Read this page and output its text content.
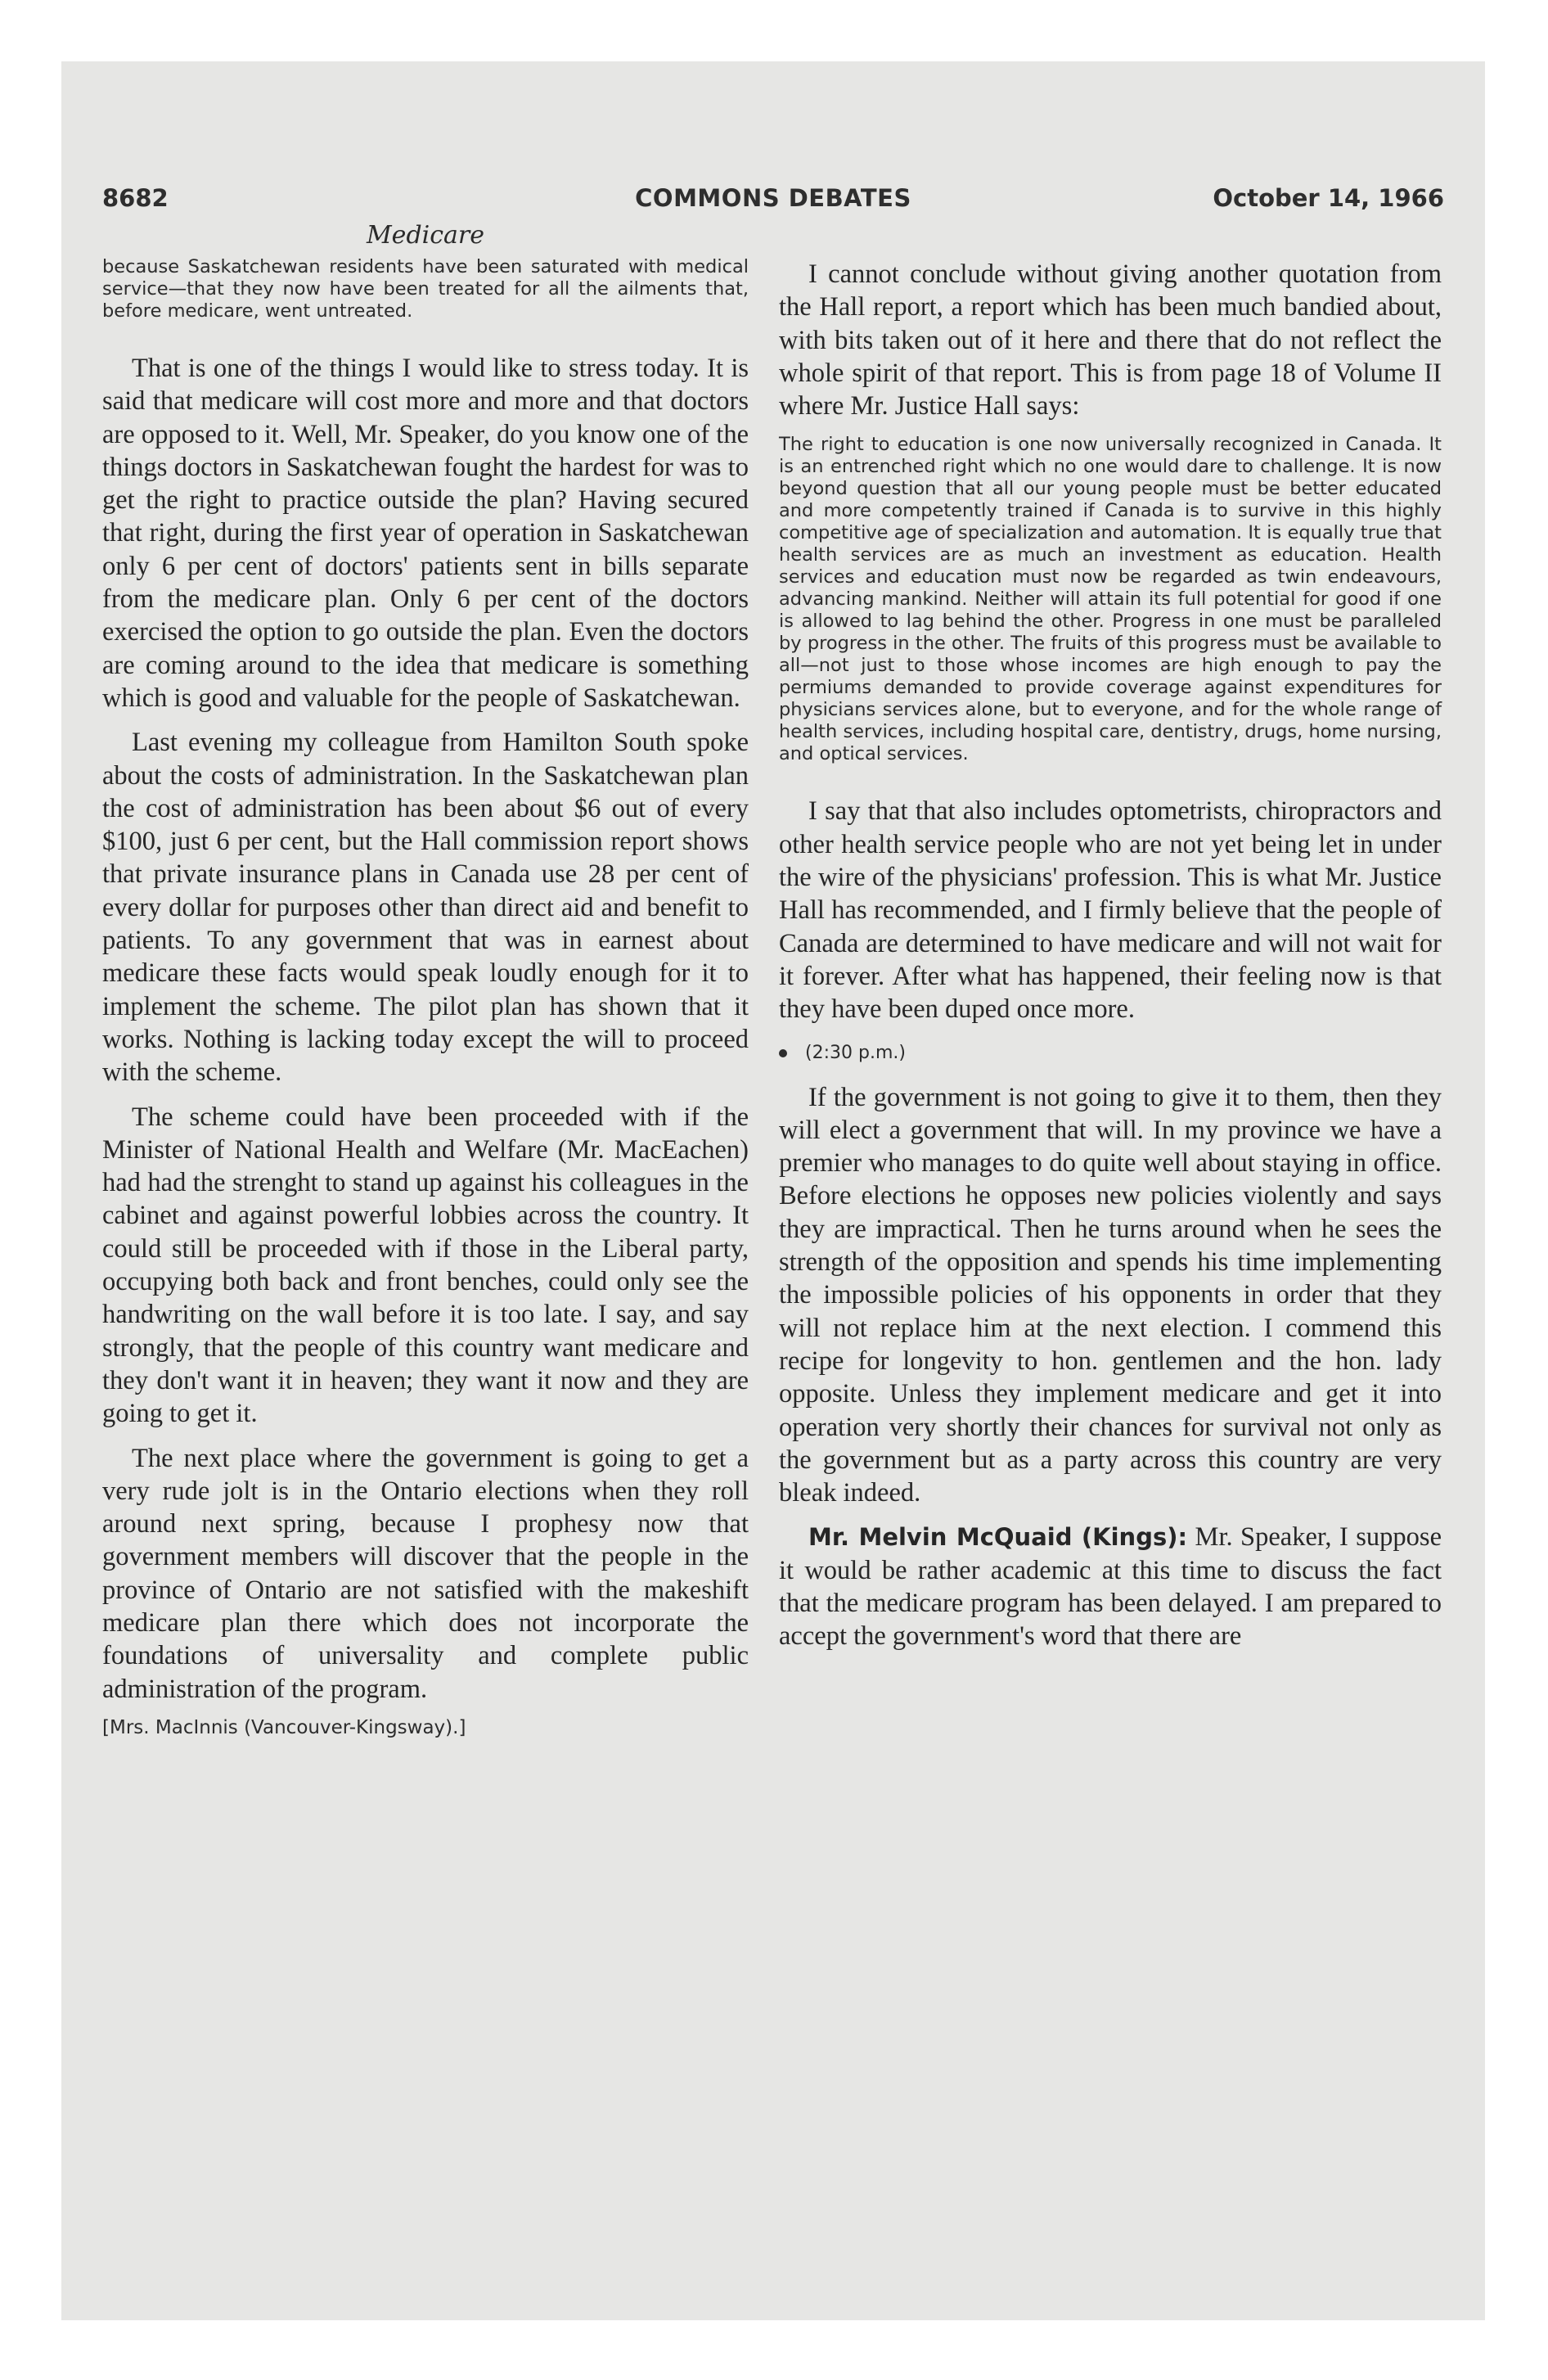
8682	COMMONS DEBATES	October 14, 1966
Medicare

because Saskatchewan residents have been saturated with medical service—that they now have been treated for all the ailments that, before medicare, went untreated.

That is one of the things I would like to stress today. It is said that medicare will cost more and more and that doctors are opposed to it. Well, Mr. Speaker, do you know one of the things doctors in Saskatchewan fought the hardest for was to get the right to practice outside the plan? Having secured that right, during the first year of operation in Saskatchewan only 6 per cent of doctors' patients sent in bills separate from the medicare plan. Only 6 per cent of the doctors exercised the option to go outside the plan. Even the doctors are coming around to the idea that medicare is something which is good and valuable for the people of Saskatchewan.

Last evening my colleague from Hamilton South spoke about the costs of administration. In the Saskatchewan plan the cost of administration has been about $6 out of every $100, just 6 per cent, but the Hall commission report shows that private insurance plans in Canada use 28 per cent of every dollar for purposes other than direct aid and benefit to patients. To any government that was in earnest about medicare these facts would speak loudly enough for it to implement the scheme. The pilot plan has shown that it works. Nothing is lacking today except the will to proceed with the scheme.

The scheme could have been proceeded with if the Minister of National Health and Welfare (Mr. MacEachen) had had the strenght to stand up against his colleagues in the cabinet and against powerful lobbies across the country. It could still be proceeded with if those in the Liberal party, occupying both back and front benches, could only see the handwriting on the wall before it is too late. I say, and say strongly, that the people of this country want medicare and they don't want it in heaven; they want it now and they are going to get it.

The next place where the government is going to get a very rude jolt is in the Ontario elections when they roll around next spring, because I prophesy now that government members will discover that the people in the province of Ontario are not satisfied with the makeshift medicare plan there which does not incorporate the foundations of universality and complete public administration of the program.

[Mrs. MacInnis (Vancouver-Kingsway).]

I cannot conclude without giving another quotation from the Hall report, a report which has been much bandied about, with bits taken out of it here and there that do not reflect the whole spirit of that report. This is from page 18 of Volume II where Mr. Justice Hall says:

The right to education is one now universally recognized in Canada. It is an entrenched right which no one would dare to challenge. It is now beyond question that all our young people must be better educated and more competently trained if Canada is to survive in this highly competitive age of specialization and automation. It is equally true that health services are as much an investment as education. Health services and education must now be regarded as twin endeavours, advancing mankind. Neither will attain its full potential for good if one is allowed to lag behind the other. Progress in one must be paralleled by progress in the other. The fruits of this progress must be available to all—not just to those whose incomes are high enough to pay the permiums demanded to provide coverage against expenditures for physicians services alone, but to everyone, and for the whole range of health services, including hospital care, dentistry, drugs, home nursing, and optical services.

I say that that also includes optometrists, chiropractors and other health service people who are not yet being let in under the wire of the physicians' profession. This is what Mr. Justice Hall has recommended, and I firmly believe that the people of Canada are determined to have medicare and will not wait for it forever. After what has happened, their feeling now is that they have been duped once more.

(2:30 p.m.)

If the government is not going to give it to them, then they will elect a government that will. In my province we have a premier who manages to do quite well about staying in office. Before elections he opposes new policies violently and says they are impractical. Then he turns around when he sees the strength of the opposition and spends his time implementing the impossible policies of his opponents in order that they will not replace him at the next election. I commend this recipe for longevity to hon. gentlemen and the hon. lady opposite. Unless they implement medicare and get it into operation very shortly their chances for survival not only as the government but as a party across this country are very bleak indeed.

Mr. Melvin McQuaid (Kings): Mr. Speaker, I suppose it would be rather academic at this time to discuss the fact that the medicare program has been delayed. I am prepared to accept the government's word that there are
